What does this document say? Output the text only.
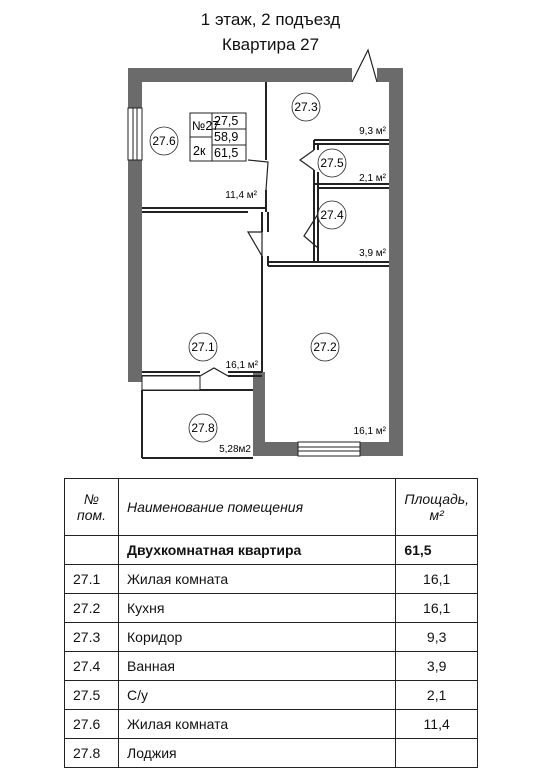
1 этаж, 2 подъезд
Квартира 27
№27
2к
27,5
58,9
61,5
27.6
27.3
27.5
27.4
27.1	27.2
27.8
11,4 м²
9,3 м²
2,1 м²
3,9 м²
16,1 м²
16,1 м²
5,28м2
№ пом.	Наименование помещения	Площадь, м²
	Двухкомнатная квартира	61,5
27.1	Жилая комната	16,1
27.2	Кухня	16,1
27.3	Коридор	9,3
27.4	Ванная	3,9
27.5	С/у	2,1
27.6	Жилая комната	11,4
27.8	Лоджия	
